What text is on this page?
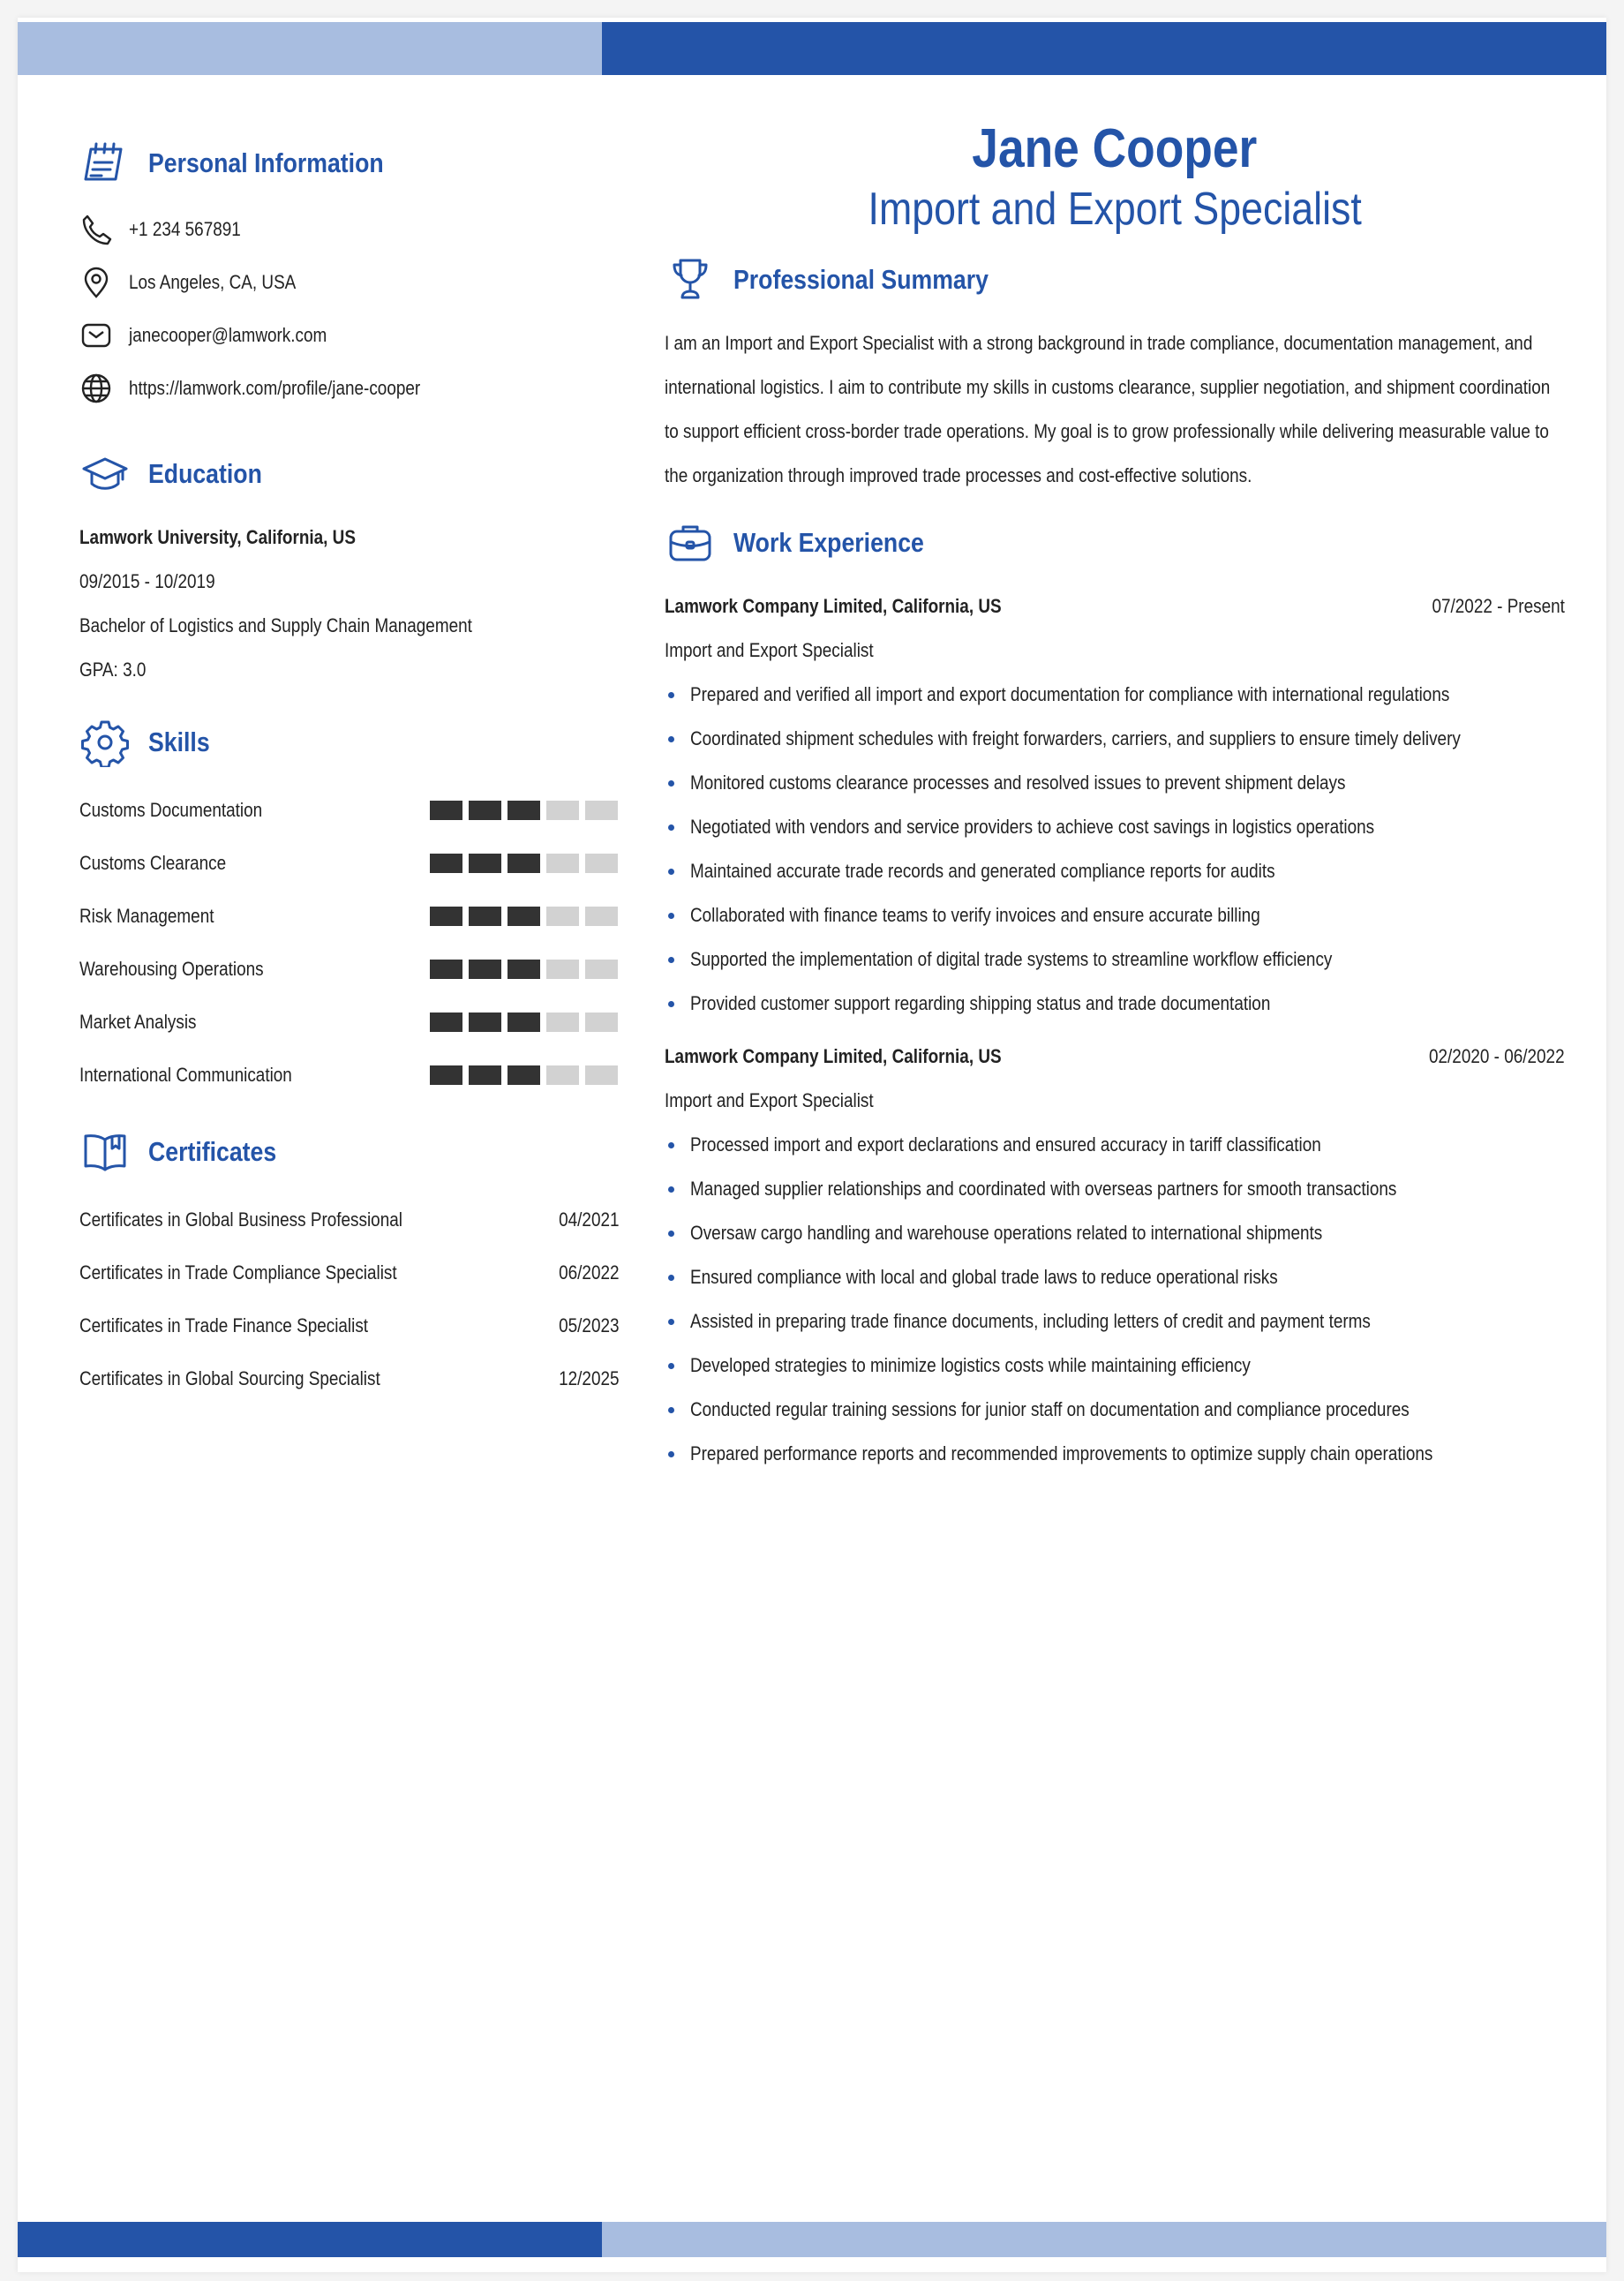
Personal Information
+1 234 567891
Los Angeles, CA, USA
janecooper@lamwork.com
https://lamwork.com/profile/jane-cooper
Education
Lamwork University, California, US
09/2015 - 10/2019
Bachelor of Logistics and Supply Chain Management
GPA: 3.0
Skills
Customs Documentation
Customs Clearance
Risk Management
Warehousing Operations
Market Analysis
International Communication
Certificates
Certificates in Global Business Professional	04/2021
Certificates in Trade Compliance Specialist	06/2022
Certificates in Trade Finance Specialist	05/2023
Certificates in Global Sourcing Specialist	12/2025
Jane Cooper
Import and Export Specialist
Professional Summary
I am an Import and Export Specialist with a strong background in trade compliance, documentation management, and international logistics. I aim to contribute my skills in customs clearance, supplier negotiation, and shipment coordination to support efficient cross-border trade operations. My goal is to grow professionally while delivering measurable value to the organization through improved trade processes and cost-effective solutions.
Work Experience
Lamwork Company Limited, California, US	07/2022 - Present
Import and Export Specialist
Prepared and verified all import and export documentation for compliance with international regulations
Coordinated shipment schedules with freight forwarders, carriers, and suppliers to ensure timely delivery
Monitored customs clearance processes and resolved issues to prevent shipment delays
Negotiated with vendors and service providers to achieve cost savings in logistics operations
Maintained accurate trade records and generated compliance reports for audits
Collaborated with finance teams to verify invoices and ensure accurate billing
Supported the implementation of digital trade systems to streamline workflow efficiency
Provided customer support regarding shipping status and trade documentation
Lamwork Company Limited, California, US	02/2020 - 06/2022
Import and Export Specialist
Processed import and export declarations and ensured accuracy in tariff classification
Managed supplier relationships and coordinated with overseas partners for smooth transactions
Oversaw cargo handling and warehouse operations related to international shipments
Ensured compliance with local and global trade laws to reduce operational risks
Assisted in preparing trade finance documents, including letters of credit and payment terms
Developed strategies to minimize logistics costs while maintaining efficiency
Conducted regular training sessions for junior staff on documentation and compliance procedures
Prepared performance reports and recommended improvements to optimize supply chain operations
